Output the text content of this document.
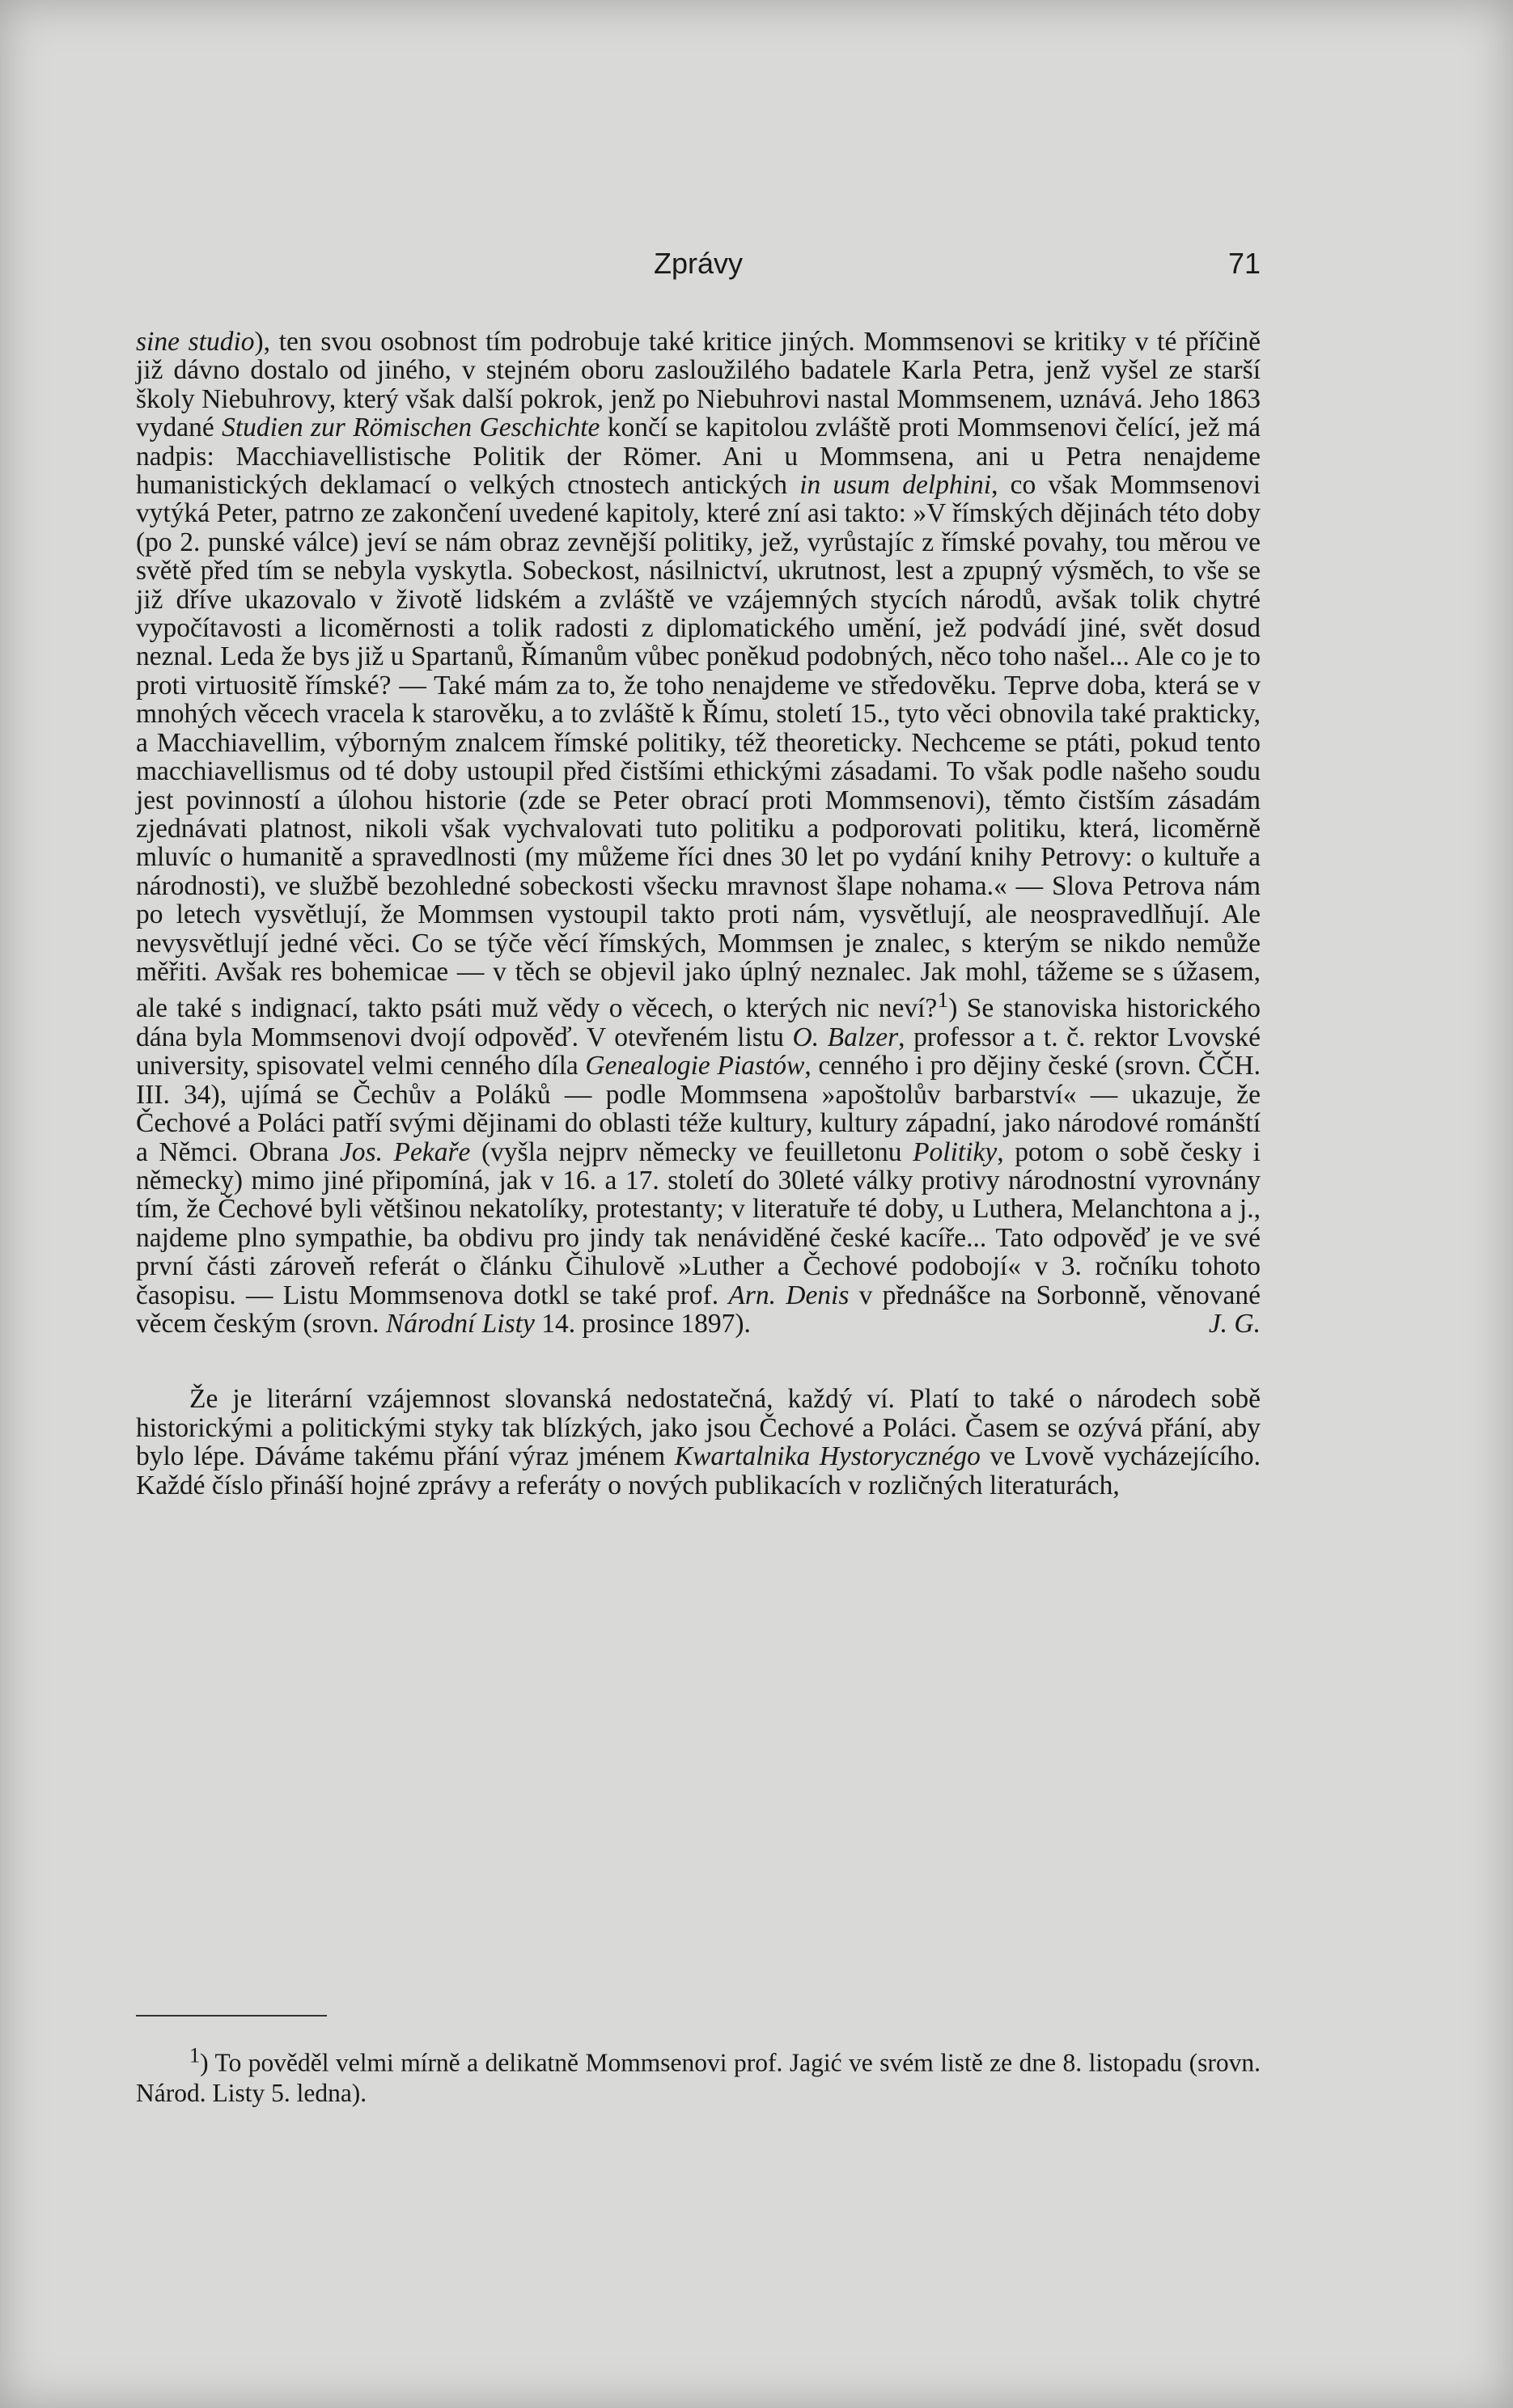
Zprávy	71

sine studio), ten svou osobnost tím podrobuje také kritice jiných. Mommsenovi se kritiky v té příčině již dávno dostalo od jiného, v stejném oboru zasloužilého badatele Karla Petra, jenž vyšel ze starší školy Niebuhrovy, který však další pokrok, jenž po Niebuhrovi nastal Mommsenem, uznává. Jeho 1863 vydané Studien zur Römischen Geschichte končí se kapitolou zvláště proti Mommsenovi čelící, jež má nadpis: Macchiavellistische Politik der Römer. Ani u Mommsena, ani u Petra nenajdeme humanistických deklamací o velkých ctnostech antických in usum delphini, co však Mommsenovi vytýká Peter, patrno ze zakončení uvedené kapitoly, které zní asi takto: »V římských dějinách této doby (po 2. punské válce) jeví se nám obraz zevnější politiky, jež, vyrůstajíc z římské povahy, tou měrou ve světě před tím se nebyla vyskytla. Sobeckost, násilnictví, ukrutnost, lest a zpupný výsměch, to vše se již dříve ukazovalo v životě lidském a zvláště ve vzájemných stycích národů, avšak tolik chytré vypočítavosti a licoměrnosti a tolik radosti z diplomatického umění, jež podvádí jiné, svět dosud neznal. Leda že bys již u Spartanů, Římanům vůbec poněkud podobných, něco toho našel... Ale co je to proti virtuositě římské? — Také mám za to, že toho nenajdeme ve středověku. Teprve doba, která se v mnohých věcech vracela k starověku, a to zvláště k Římu, století 15., tyto věci obnovila také prakticky, a Macchiavellim, výborným znalcem římské politiky, též theoreticky. Nechceme se ptáti, pokud tento macchiavellismus od té doby ustoupil před čistšími ethickými zásadami. To však podle našeho soudu jest povinností a úlohou historie (zde se Peter obrací proti Mommsenovi), těmto čistším zásadám zjednávati platnost, nikoli však vychvalovati tuto politiku a podporovati politiku, která, licoměrně mluvíc o humanitě a spravedlnosti (my můžeme říci dnes 30 let po vydání knihy Petrovy: o kultuře a národnosti), ve službě bezohledné sobeckosti všecku mravnost šlape nohama.« — Slova Petrova nám po letech vysvětlují, že Mommsen vystoupil takto proti nám, vysvětlují, ale neospravedlňují. Ale nevysvětlují jedné věci. Co se týče věcí římských, Mommsen je znalec, s kterým se nikdo nemůže měřiti. Avšak res bohemicae — v těch se objevil jako úplný neznalec. Jak mohl, tážeme se s úžasem, ale také s indignací, takto psáti muž vědy o věcech, o kterých nic neví?$^1$) Se stanoviska historického dána byla Mommsenovi dvojí odpověď. V otevřeném listu O. Balzer, professor a t. č. rektor Lvovské university, spisovatel velmi cenného díla Genealogie Piastów, cenného i pro dějiny české (srovn. ČČH. III. 34), ujímá se Čechův a Poláků — podle Mommsena »apoštolův barbarství« — ukazuje, že Čechové a Poláci patří svými dějinami do oblasti téže kultury, kultury západní, jako národové románští a Němci. Obrana Jos. Pekaře (vyšla nejprv německy ve feuilletonu Politiky, potom o sobě česky i německy) mimo jiné připomíná, jak v 16. a 17. století do 30leté války protivy národnostní vyrovnány tím, že Čechové byli většinou nekatolíky, protestanty; v literatuře té doby, u Luthera, Melanchtona a j., najdeme plno sympathie, ba obdivu pro jindy tak nenáviděné české kacíře... Tato odpověď je ve své první části zároveň referát o článku Čihulově »Luther a Čechové podobojí« v 3. ročníku tohoto časopisu. — Listu Mommsenova dotkl se také prof. Arn. Denis v přednášce na Sorbonně, věnované věcem českým (srovn. Národní Listy 14. prosince 1897).	J. G.

Že je literární vzájemnost slovanská nedostatečná, každý ví. Platí to také o národech sobě historickými a politickými styky tak blízkých, jako jsou Čechové a Poláci. Časem se ozývá přání, aby bylo lépe. Dáváme takému přání výraz jménem Kwartalnika Hystorycznégo ve Lvově vycházejícího. Každé číslo přináší hojné zprávy a referáty o nových publikacích v rozličných literaturách,

$^1$) To pověděl velmi mírně a delikatně Mommsenovi prof. Jagić ve svém listě ze dne 8. listopadu (srovn. Národ. Listy 5. ledna).
